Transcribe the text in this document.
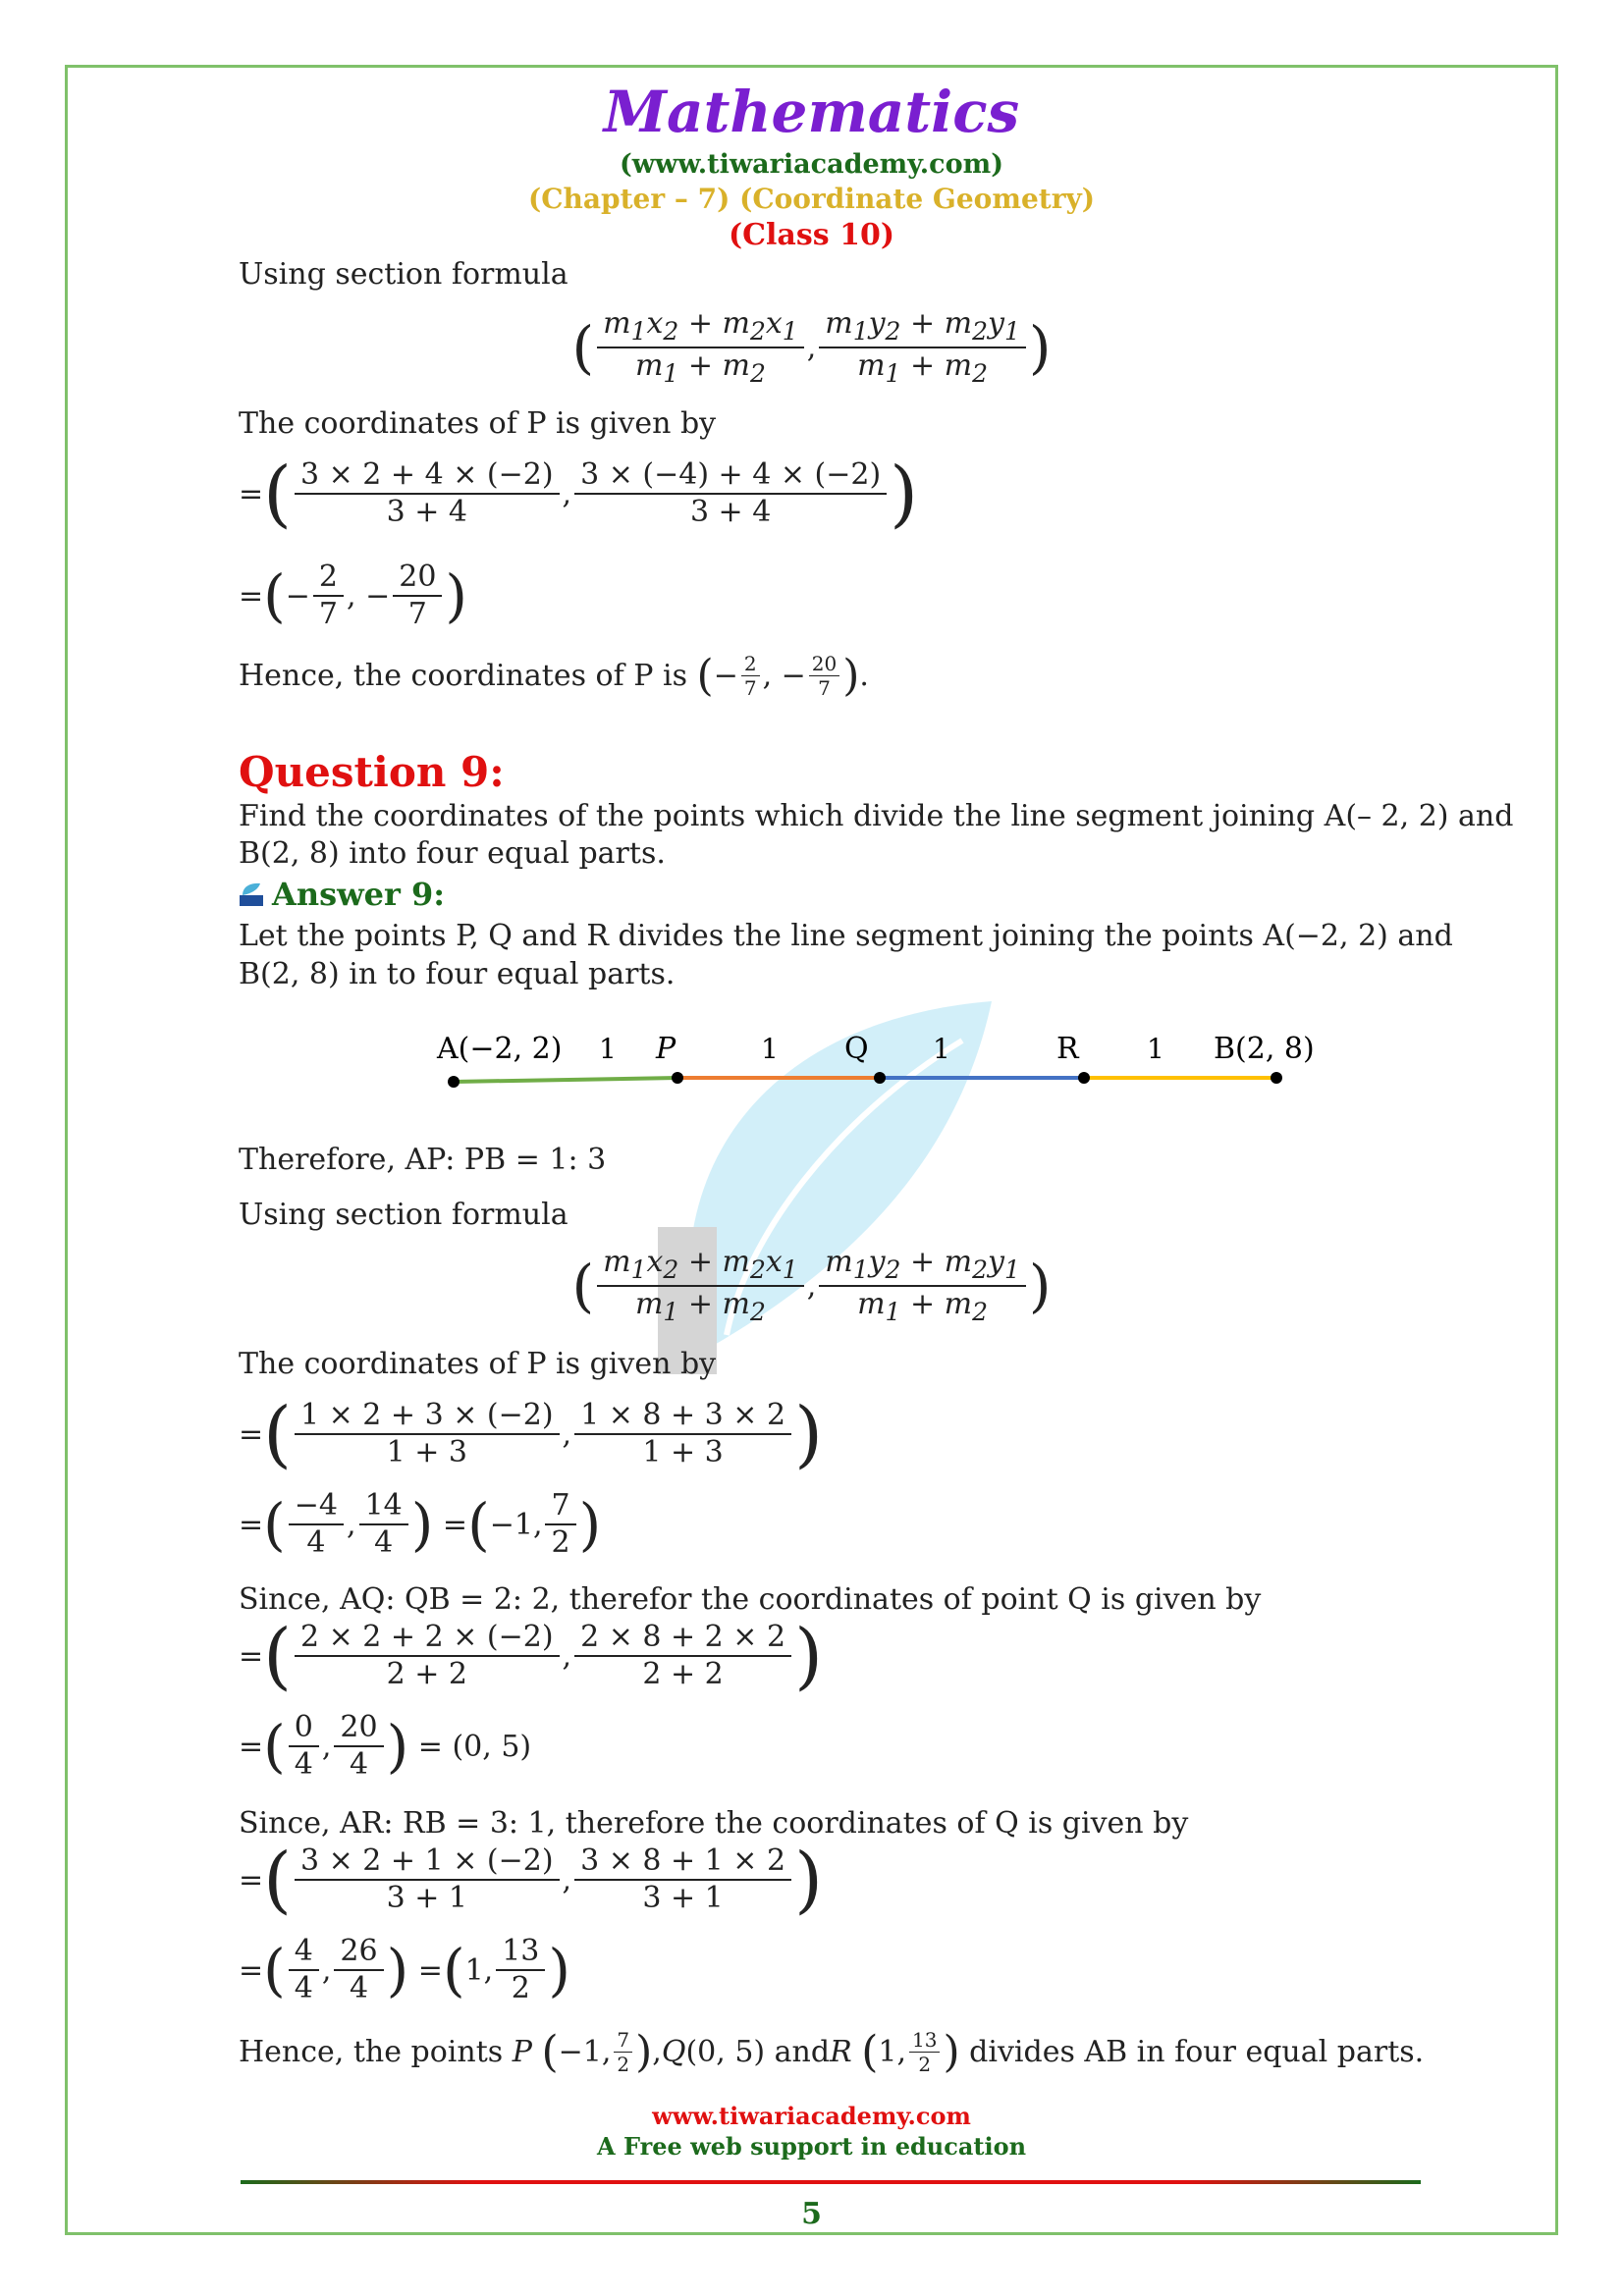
Mathematics
(www.tiwariacademy.com)
(Chapter – 7) (Coordinate Geometry)
(Class 10)
Using section formula
( $\frac{m_1x_2 + m_2x_1}{m_1 + m_2}$ , $\frac{m_1y_2 + m_2y_1}{m_1 + m_2}$ )
The coordinates of P is given by
= ( $\frac{3 \times 2 + 4 \times (-2)}{3 + 4}$ , $\frac{3 \times (-4) + 4 \times (-2)}{3 + 4}$ )
= ( − $\frac{2}{7}$ , − $\frac{20}{7}$ )
Hence, the coordinates of P is
( − $\frac{2}{7}$ , − $\frac{20}{7}$ ) .
Question 9:
Find the coordinates of the points which divide the line segment joining A(– 2, 2) and
B(2, 8) into four equal parts.
Answer 9:
Let the points P, Q and R divides the line segment joining the points A(−2, 2) and
B(2, 8) in to four equal parts.
A(−2, 2) 1 P	1 Q 1	R 1 B(2, 8)
Therefore, AP: PB = 1: 3
Using section formula
( $\frac{m_1x_2 + m_2x_1}{m_1 + m_2}$ , $\frac{m_1y_2 + m_2y_1}{m_1 + m_2}$ )
The coordinates of P is given by
= ( $\frac{1 \times 2 + 3 \times (-2)}{1 + 3}$ , $\frac{1 \times 8 + 3 \times 2}{1 + 3}$ )
= ( $\frac{-4}{4}$ , $\frac{14}{4}$ ) = ( −1, $\frac{7}{2}$ )
Since, AQ: QB = 2: 2, therefor the coordinates of point Q is given by
= ( $\frac{2 \times 2 + 2 \times (-2)}{2 + 2}$ , $\frac{2 \times 8 + 2 \times 2}{2 + 2}$ )
= ( $\frac{0}{4}$ , $\frac{20}{4}$ ) = (0, 5)
Since, AR: RB = 3: 1, therefore the coordinates of Q is given by
= ( $\frac{3 \times 2 + 1 \times (-2)}{3 + 1}$ , $\frac{3 \times 8 + 1 \times 2}{3 + 1}$ )
= ( $\frac{4}{4}$ , $\frac{26}{4}$ ) = ( 1, $\frac{13}{2}$ )
Hence, the points
P
( −1, $\frac{7}{2}$ ) , Q (0, 5) and R
( 1, $\frac{13}{2}$ )
divides AB in four equal parts.
www.tiwariacademy.com
A Free web support in education
5
